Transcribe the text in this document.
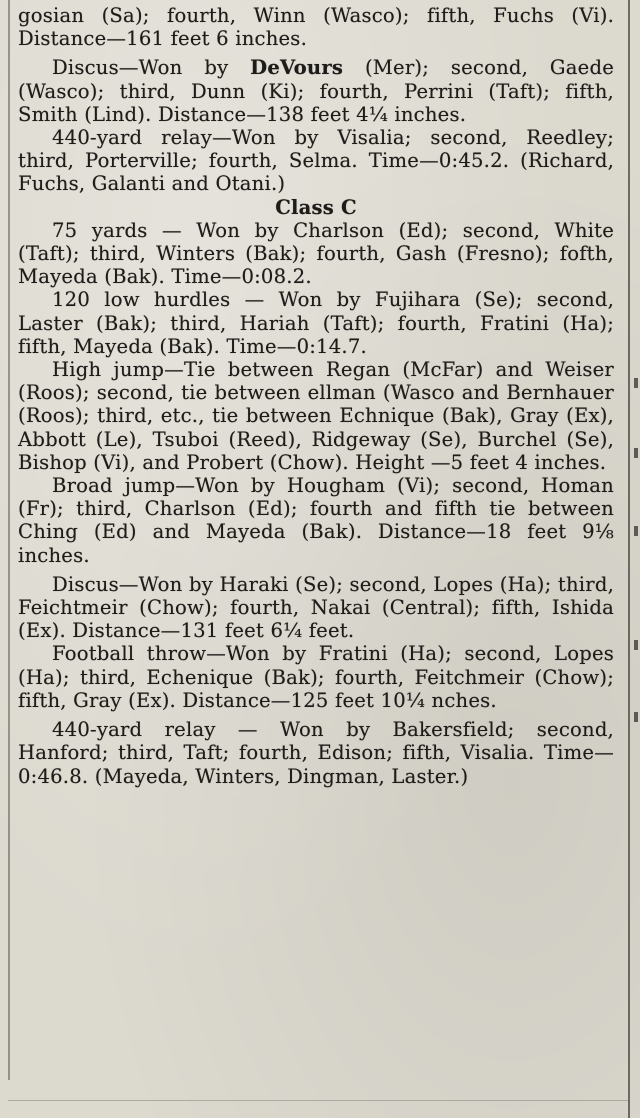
gosian (Sa); fourth, Winn (Wasco); fifth, Fuchs (Vi). Distance—161 feet 6 inches.

Discus—Won by DeVours (Mer); second, Gaede (Wasco); third, Dunn (Ki); fourth, Perrini (Taft); fifth, Smith (Lind). Distance—138 feet 4¼ inches.

440-yard relay—Won by Visalia; second, Reedley; third, Porterville; fourth, Selma. Time—0:45.2. (Richard, Fuchs, Galanti and Otani.)

Class C

75 yards — Won by Charlson (Ed); second, White (Taft); third, Winters (Bak); fourth, Gash (Fresno); fofth, Mayeda (Bak). Time—0:08.2.

120 low hurdles — Won by Fujihara (Se); second, Laster (Bak); third, Hariah (Taft); fourth, Fratini (Ha); fifth, Mayeda (Bak). Time—0:14.7.

High jump—Tie between Regan (McFar) and Weiser (Roos); second, tie between ellman (Wasco and Bernhauer (Roos); third, etc., tie between Echnique (Bak), Gray (Ex), Abbott (Le), Tsuboi (Reed), Ridgeway (Se), Burchel (Se), Bishop (Vi), and Probert (Chow). Height —5 feet 4 inches.

Broad jump—Won by Hougham (Vi); second, Homan (Fr); third, Charlson (Ed); fourth and fifth tie between Ching (Ed) and Mayeda (Bak). Distance—18 feet 9⅛ inches.

Discus—Won by Haraki (Se); second, Lopes (Ha); third, Feichtmeir (Chow); fourth, Nakai (Central); fifth, Ishida (Ex). Distance—131 feet 6¼ feet.

Football throw—Won by Fratini (Ha); second, Lopes (Ha); third, Echenique (Bak); fourth, Feitchmeir (Chow); fifth, Gray (Ex). Distance—125 feet 10¼ nches.

440-yard relay — Won by Bakersfield; second, Hanford; third, Taft; fourth, Edison; fifth, Visalia. Time—0:46.8. (Mayeda, Winters, Dingman, Laster.)
